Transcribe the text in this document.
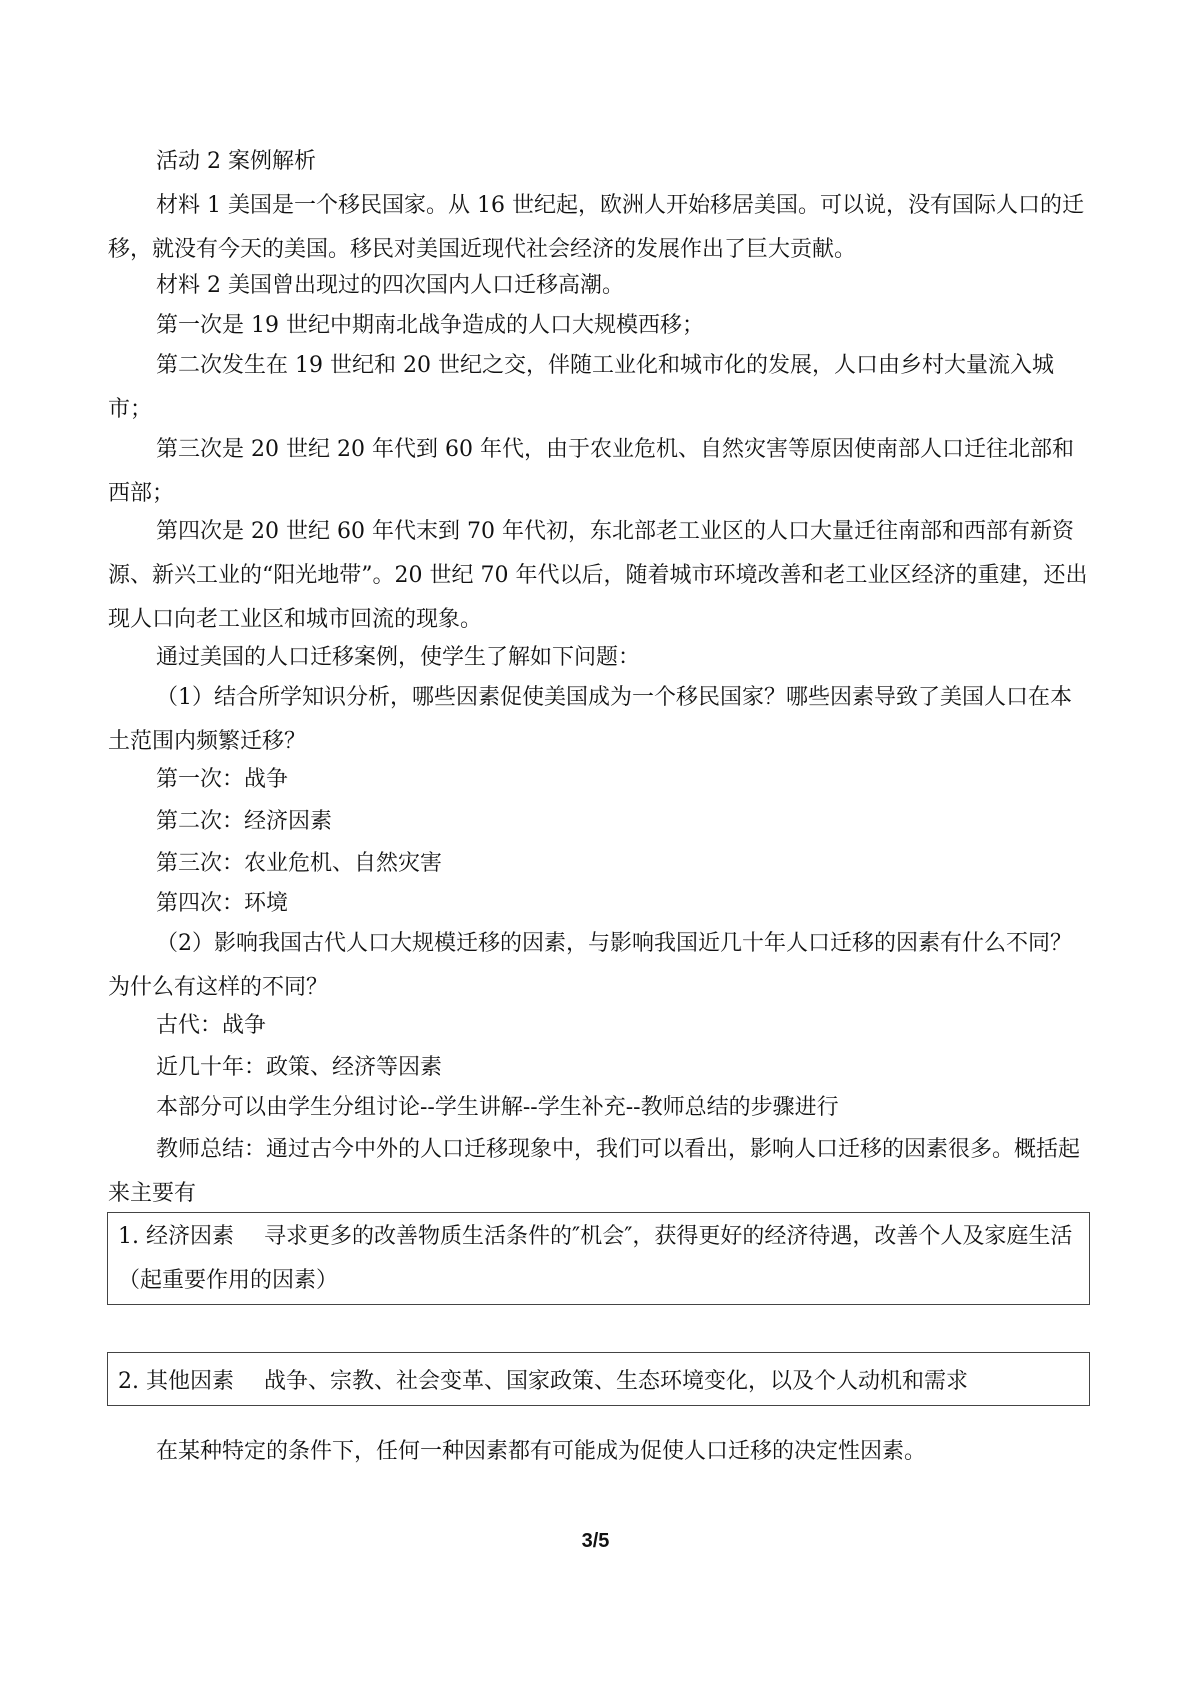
活动 2 案例解析

材料 1 美国是一个移民国家。从 16 世纪起，欧洲人开始移居美国。可以说，没有国际人口的迁移，就没有今天的美国。移民对美国近现代社会经济的发展作出了巨大贡献。

材料 2 美国曾出现过的四次国内人口迁移高潮。

第一次是 19 世纪中期南北战争造成的人口大规模西移；

第二次发生在 19 世纪和 20 世纪之交，伴随工业化和城市化的发展，人口由乡村大量流入城市；

第三次是 20 世纪 20 年代到 60 年代，由于农业危机、自然灾害等原因使南部人口迁往北部和西部；

第四次是 20 世纪 60 年代末到 70 年代初，东北部老工业区的人口大量迁往南部和西部有新资源、新兴工业的“阳光地带”。20 世纪 70 年代以后，随着城市环境改善和老工业区经济的重建，还出现人口向老工业区和城市回流的现象。

通过美国的人口迁移案例，使学生了解如下问题：

（1）结合所学知识分析，哪些因素促使美国成为一个移民国家？哪些因素导致了美国人口在本土范围内频繁迁移？

第一次：战争

第二次：经济因素

第三次：农业危机、自然灾害

第四次：环境

（2）影响我国古代人口大规模迁移的因素，与影响我国近几十年人口迁移的因素有什么不同？为什么有这样的不同？

古代：战争

近几十年：政策、经济等因素

本部分可以由学生分组讨论--学生讲解--学生补充--教师总结的步骤进行

教师总结：通过古今中外的人口迁移现象中，我们可以看出，影响人口迁移的因素很多。概括起来主要有

1. 经济因素 寻求更多的改善物质生活条件的″机会″，获得更好的经济待遇，改善个人及家庭生活（起重要作用的因素）
2. 其他因素 战争、宗教、社会变革、国家政策、生态环境变化，以及个人动机和需求

在某种特定的条件下，任何一种因素都有可能成为促使人口迁移的决定性因素。

3/5
